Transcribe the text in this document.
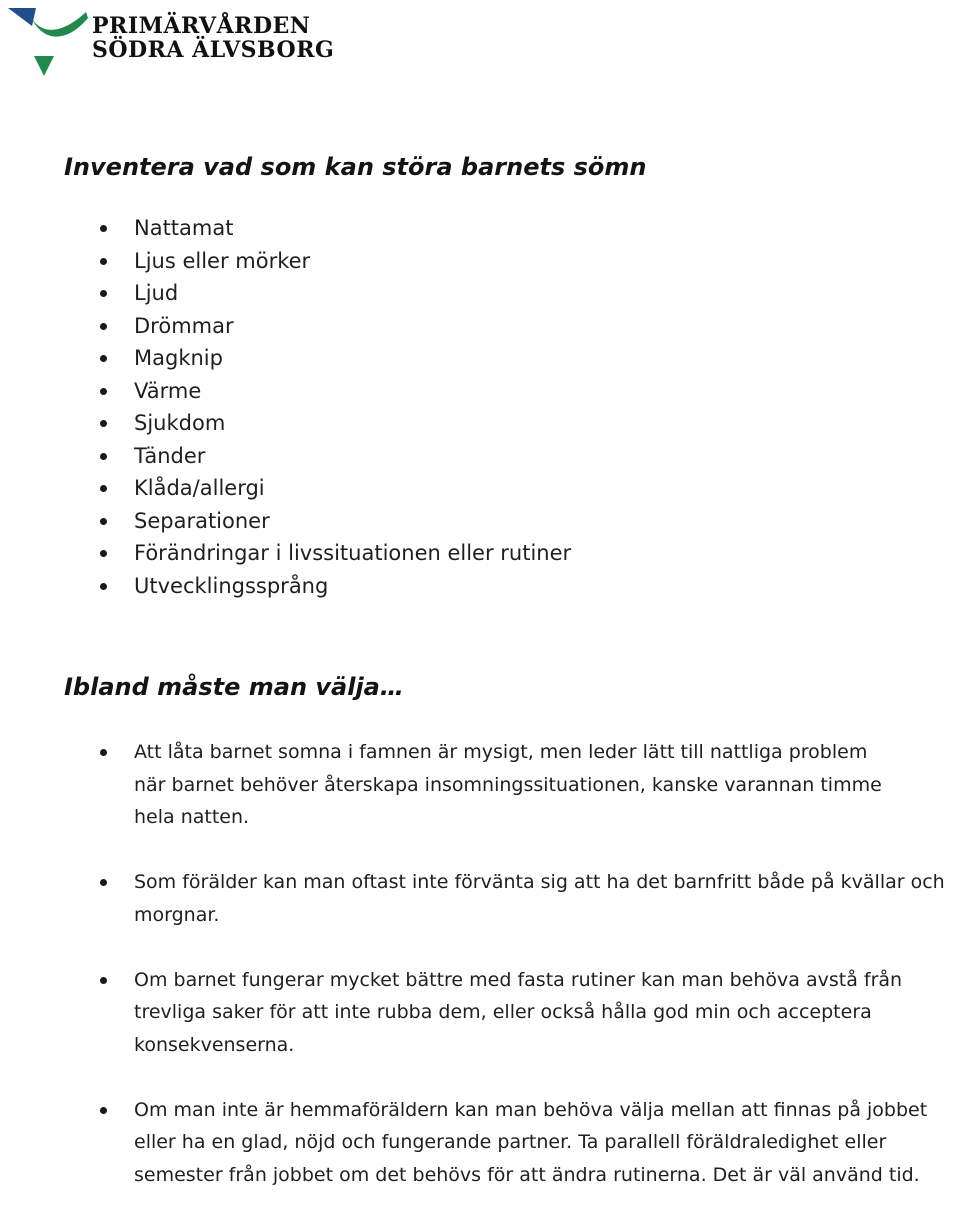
PRIMÄRVÅRDEN
SÖDRA ÄLVSBORG
Inventera vad som kan störa barnets sömn
Nattamat
Ljus eller mörker
Ljud
Drömmar
Magknip
Värme
Sjukdom
Tänder
Klåda/allergi
Separationer
Förändringar i livssituationen eller rutiner
Utvecklingssprång
Ibland måste man välja…
Att låta barnet somna i famnen är mysigt, men leder lätt till nattliga problem när barnet behöver återskapa insomningssituationen, kanske varannan timme hela natten.
Som förälder kan man oftast inte förvänta sig att ha det barnfritt både på kvällar och morgnar.
Om barnet fungerar mycket bättre med fasta rutiner kan man behöva avstå från trevliga saker för att inte rubba dem, eller också hålla god min och acceptera konsekvenserna.
Om man inte är hemmaföräldern kan man behöva välja mellan att finnas på jobbet eller ha en glad, nöjd och fungerande partner. Ta parallell föräldraledighet eller semester från jobbet om det behövs för att ändra rutinerna. Det är väl använd tid.
